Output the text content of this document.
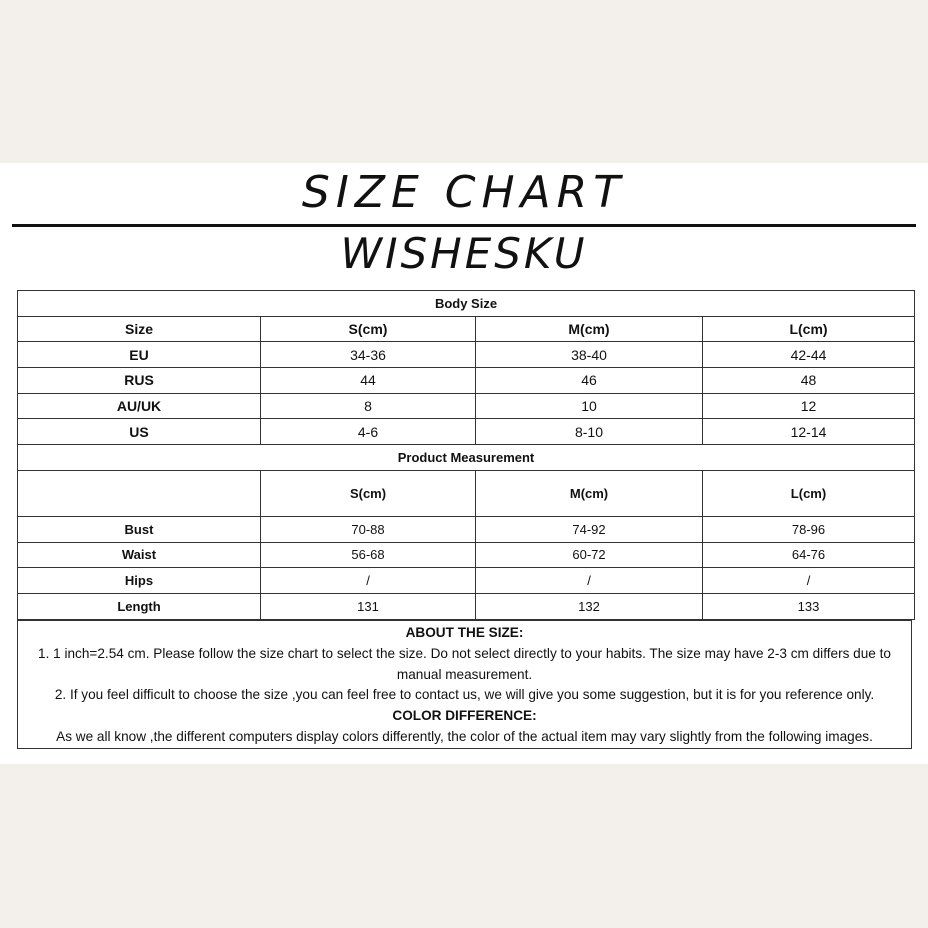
SIZE CHART
WISHESKU
Body Size			
Size	S(cm)	M(cm)	L(cm)
EU	34-36	38-40	42-44
RUS	44	46	48
AU/UK	8	10	12
US	4-6	8-10	12-14
Product Measurement			
	S(cm)	M(cm)	L(cm)
Bust	70-88	74-92	78-96
Waist	56-68	60-72	64-76
Hips	/	/	/
Length	131	132	133
ABOUT THE SIZE:
1. 1 inch=2.54 cm. Please follow the size chart to select the size. Do not select directly to your habits. The size may have 2-3 cm differs due to manual measurement.
2. If you feel difficult to choose the size ,you can feel free to contact us, we will give you some suggestion, but it is for you reference only.
COLOR DIFFERENCE:
As we all know ,the different computers display colors differently, the color of the actual item may vary slightly from the following images.
